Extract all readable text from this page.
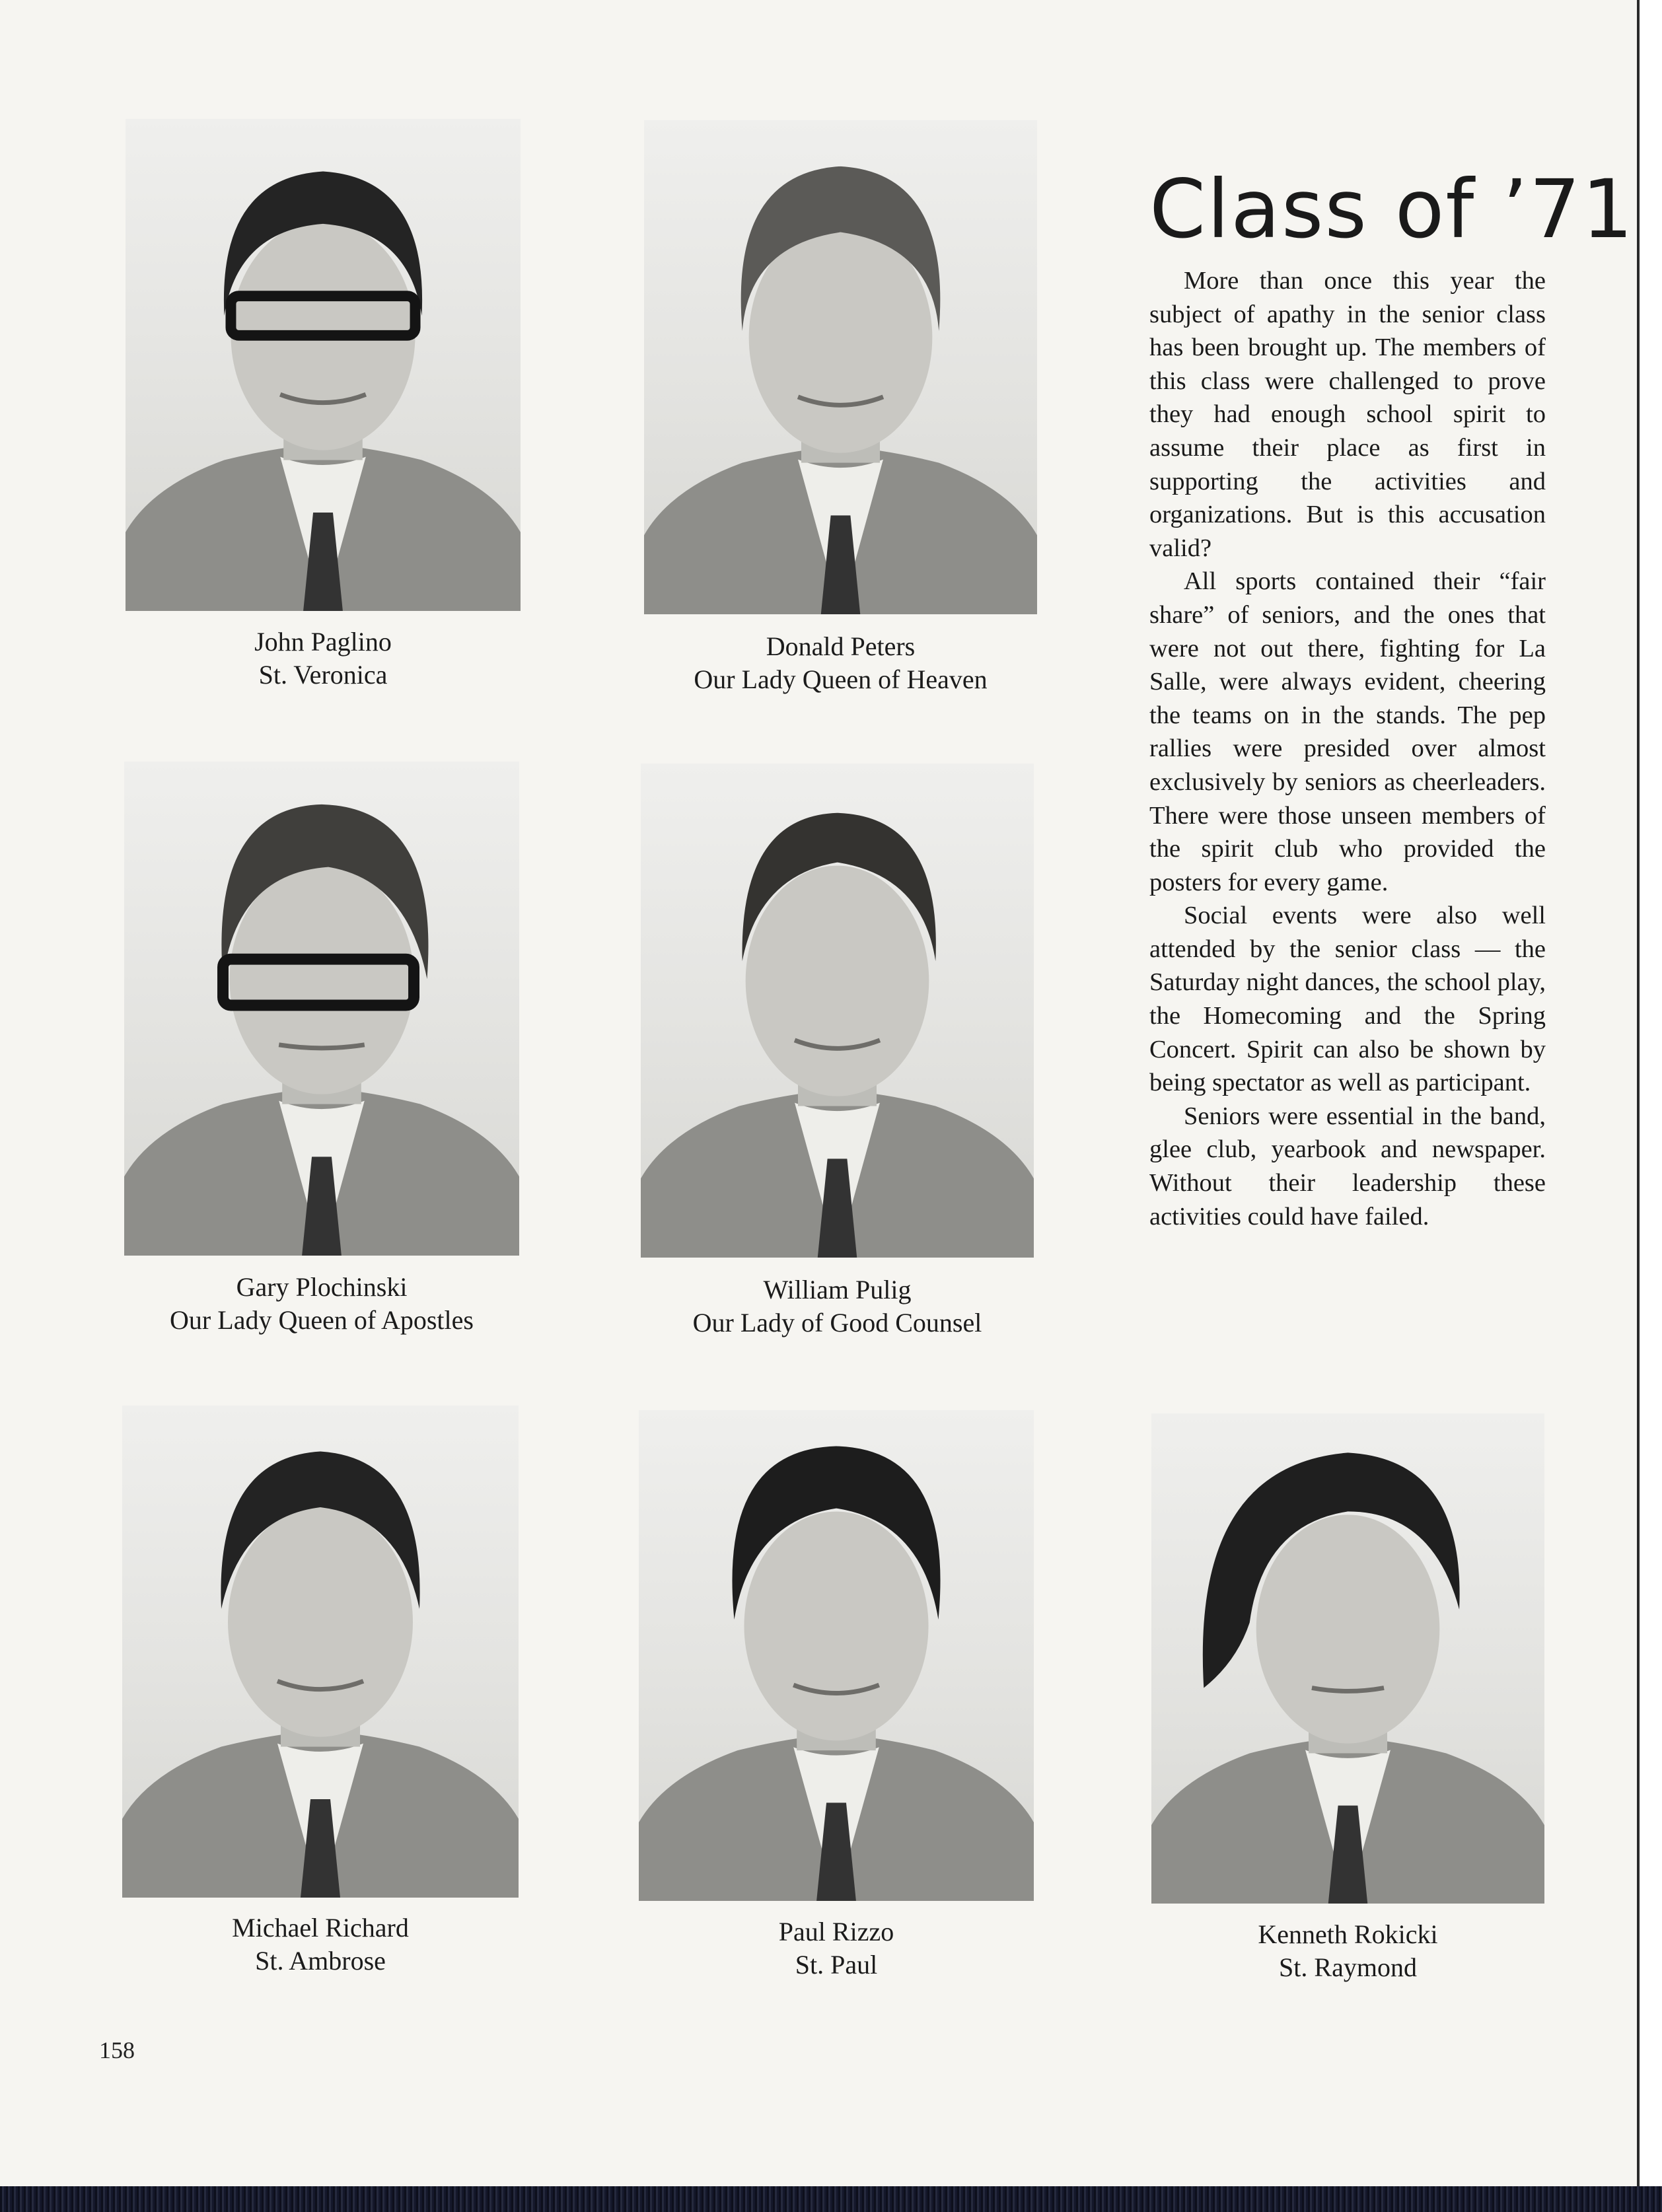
Class of ’71

More than once this year the subject of apathy in the senior class has been brought up. The members of this class were challenged to prove they had enough school spirit to assume their place as first in supporting the activities and organizations. But is this accusation valid?

All sports contained their “fair share” of seniors, and the ones that were not out there, fighting for La Salle, were always evident, cheering the teams on in the stands. The pep rallies were presided over almost exclusively by seniors as cheerleaders. There were those unseen members of the spirit club who provided the posters for every game.

Social events were also well attended by the senior class — the Saturday night dances, the school play, the Homecoming and the Spring Concert. Spirit can also be shown by being spectator as well as participant.

Seniors were essential in the band, glee club, yearbook and newspaper. Without their leadership these activities could have failed.

John Paglino
St. Veronica
Donald Peters
Our Lady Queen of Heaven
Gary Plochinski
Our Lady Queen of Apostles
William Pulig
Our Lady of Good Counsel
Michael Richard
St. Ambrose
Paul Rizzo
St. Paul
Kenneth Rokicki
St. Raymond
158
